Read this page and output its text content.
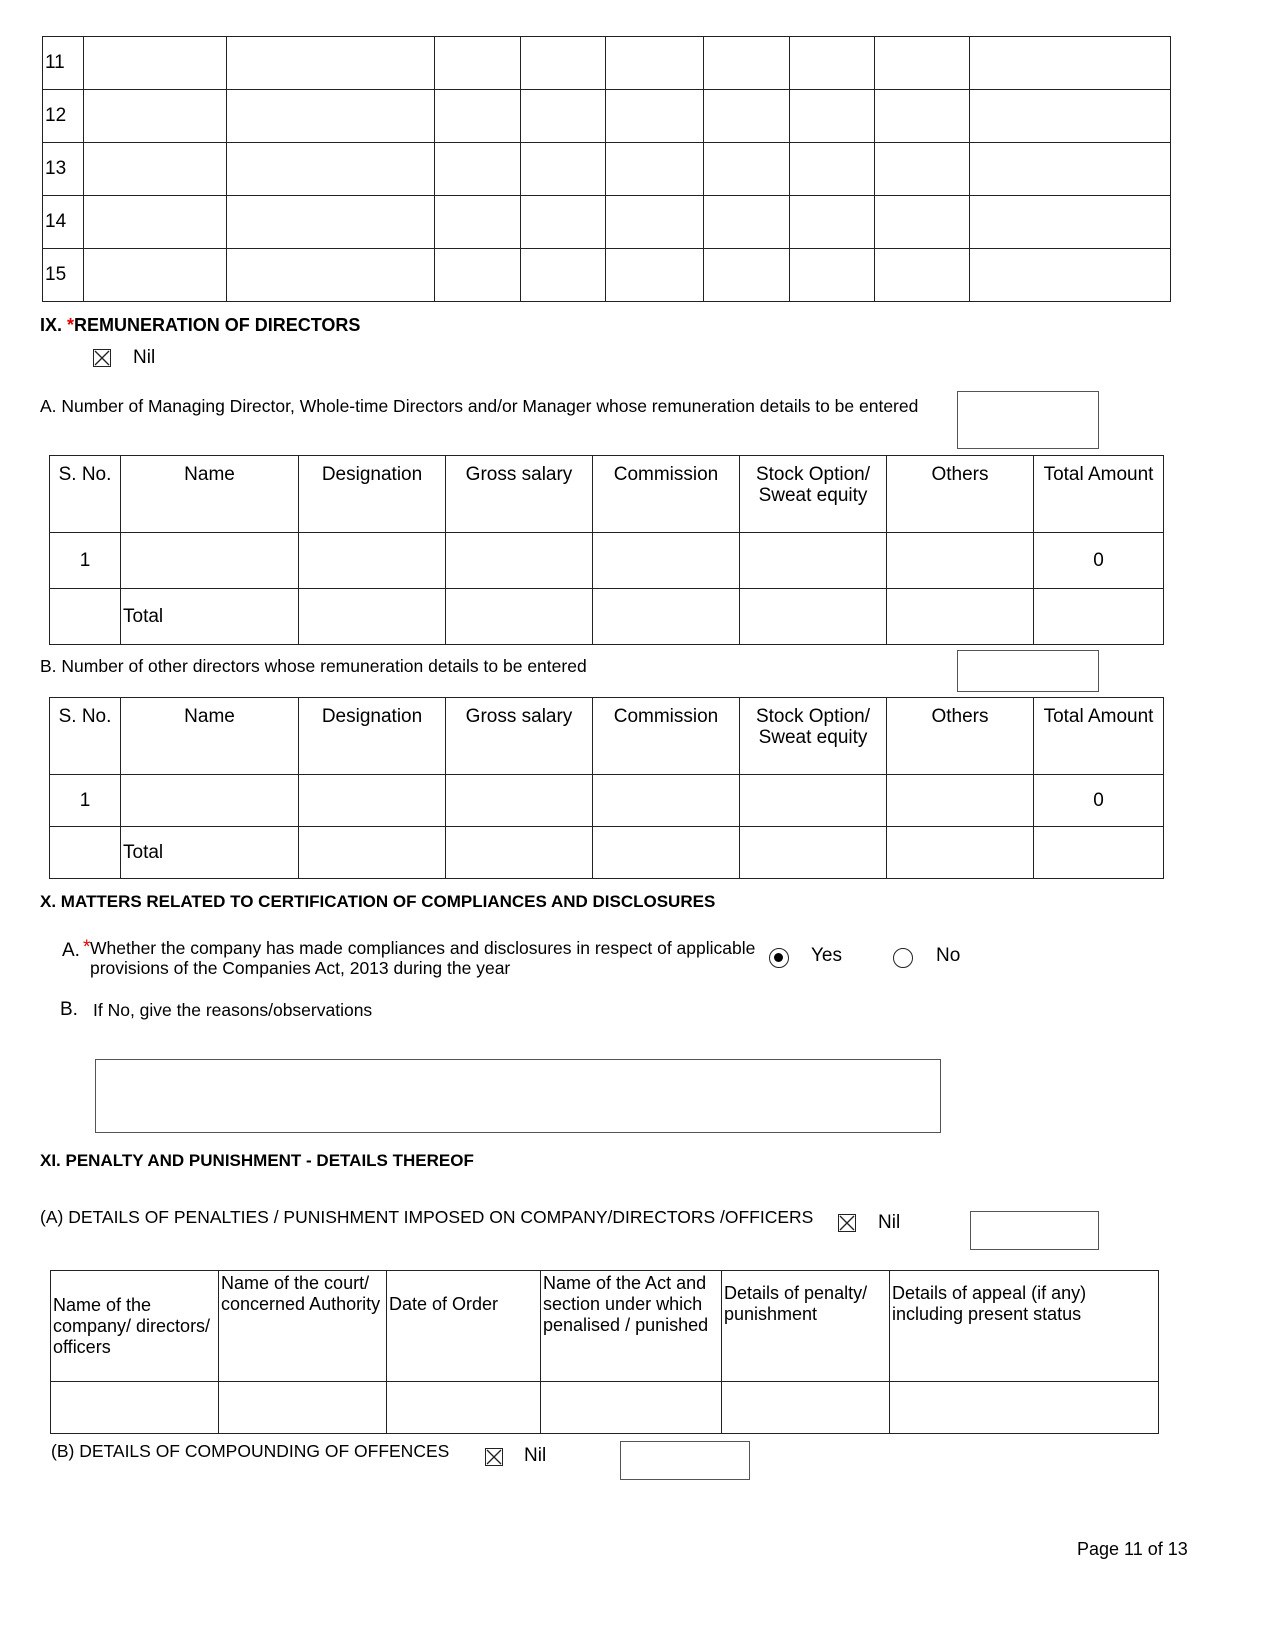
11									
12									
13									
14									
15									
IX. *REMUNERATION OF DIRECTORS
Nil
A. Number of Managing Director, Whole-time Directors and/or Manager whose remuneration details to be entered
S. No.	Name	Designation	Gross salary	Commission	Stock Option/ Sweat equity	Others	Total Amount
1							0
	Total						
B. Number of other directors whose remuneration details to be entered
S. No.	Name	Designation	Gross salary	Commission	Stock Option/ Sweat equity	Others	Total Amount
1							0
	Total						
X. MATTERS RELATED TO CERTIFICATION OF COMPLIANCES AND DISCLOSURES
A. * Whether the company has made compliances and disclosures in respect of applicable
provisions of the Companies Act, 2013 during the year
Yes	No
B. If No, give the reasons/observations
XI. PENALTY AND PUNISHMENT - DETAILS THEREOF
(A) DETAILS OF PENALTIES / PUNISHMENT IMPOSED ON COMPANY/DIRECTORS /OFFICERS	Nil
Name of the company/ directors/ officers	Name of the court/ concerned Authority	Date of Order	Name of the Act and section under which penalised / punished	Details of penalty/ punishment	Details of appeal (if any) including present status

(B) DETAILS OF COMPOUNDING OF OFFENCES	Nil
Page 11 of 13
